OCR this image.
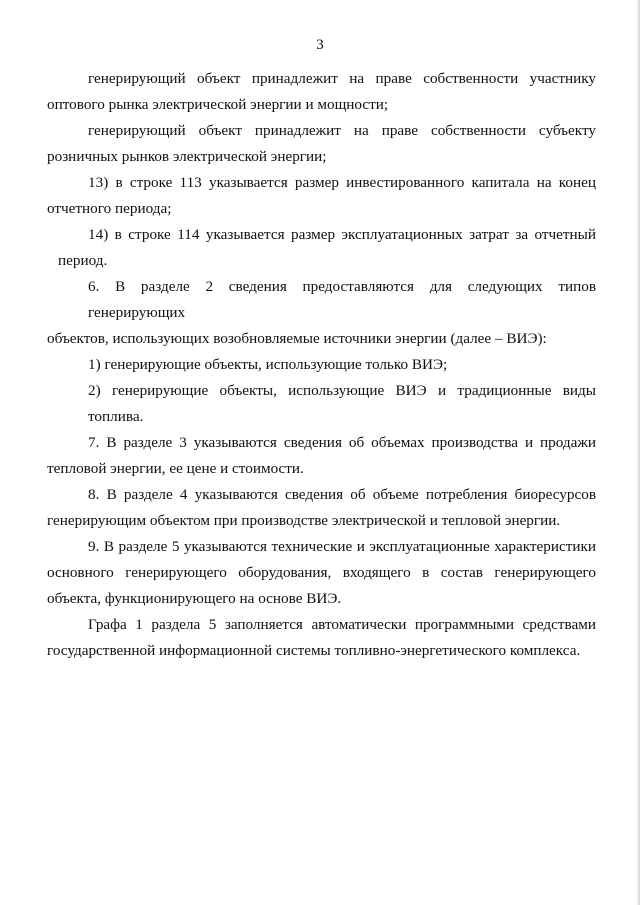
3

генерирующий объект принадлежит на праве собственности участнику
оптового рынка электрической энергии и мощности;

генерирующий объект принадлежит на праве собственности субъекту
розничных рынков электрической энергии;

13) в строке 113 указывается размер инвестированного капитала на конец
отчетного периода;

14) в строке 114 указывается размер эксплуатационных затрат за отчетный
период.

6. В разделе 2 сведения предоставляются для следующих типов генерирующих
объектов, использующих возобновляемые источники энергии (далее – ВИЭ):

1) генерирующие объекты, использующие только ВИЭ;

2) генерирующие объекты, использующие ВИЭ и традиционные виды топлива.

7. В разделе 3 указываются сведения об объемах производства и продажи
тепловой энергии, ее цене и стоимости.

8. В разделе 4 указываются сведения об объеме потребления биоресурсов
генерирующим объектом при производстве электрической и тепловой энергии.

9. В разделе 5 указываются технические и эксплуатационные характеристики
основного генерирующего оборудования, входящего в состав генерирующего
объекта, функционирующего на основе ВИЭ.

Графа 1 раздела 5 заполняется автоматически программными средствами
государственной информационной системы топливно-энергетического комплекса.
